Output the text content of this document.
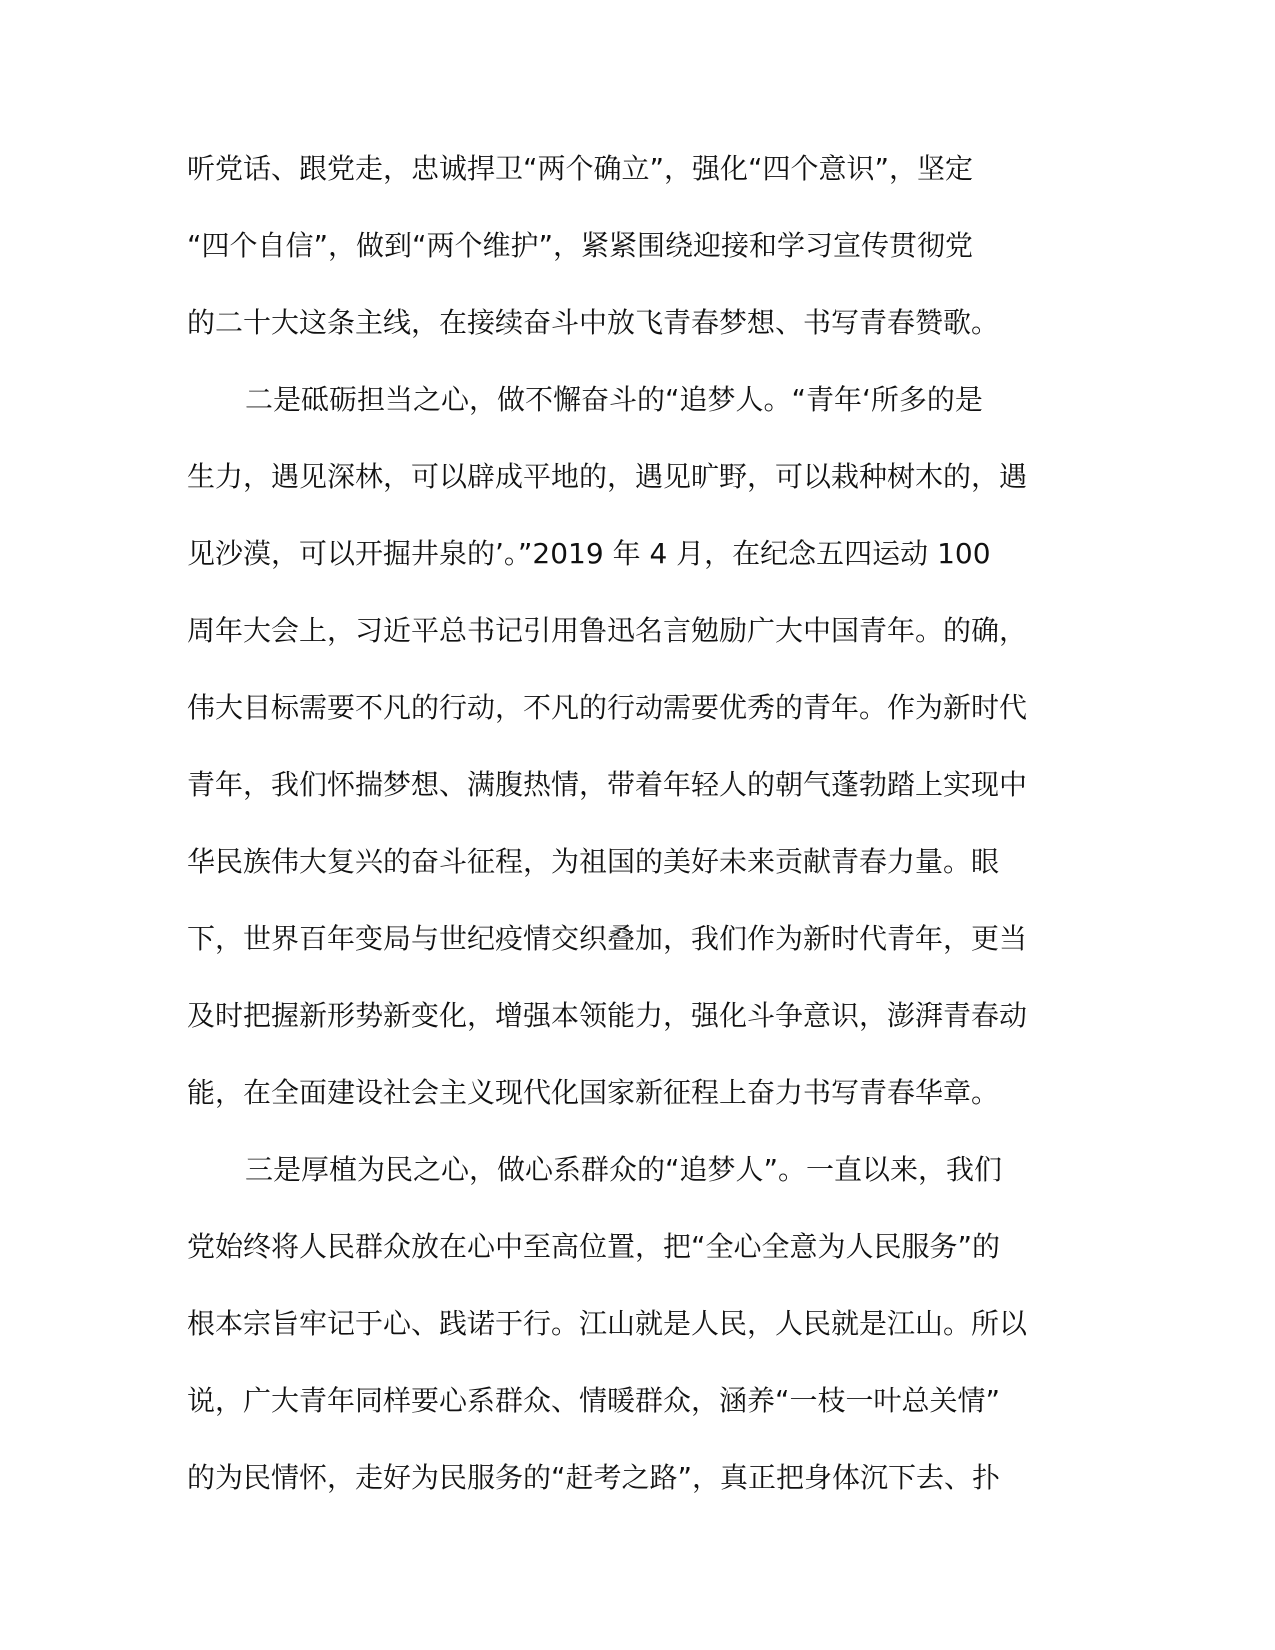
听党话、跟党走，忠诚捍卫“两个确立”，强化“四个意识”，坚定
“四个自信”，做到“两个维护”，紧紧围绕迎接和学习宣传贯彻党
的二十大这条主线，在接续奋斗中放飞青春梦想、书写青春赞歌。
二是砥砺担当之心，做不懈奋斗的“追梦人。“青年‘所多的是
生力，遇见深林，可以辟成平地的，遇见旷野，可以栽种树木的，遇
见沙漠，可以开掘井泉的’。”2019 年 4 月，在纪念五四运动 100
周年大会上，习近平总书记引用鲁迅名言勉励广大中国青年。的确，
伟大目标需要不凡的行动，不凡的行动需要优秀的青年。作为新时代
青年，我们怀揣梦想、满腹热情，带着年轻人的朝气蓬勃踏上实现中
华民族伟大复兴的奋斗征程，为祖国的美好未来贡献青春力量。眼
下，世界百年变局与世纪疫情交织叠加，我们作为新时代青年，更当
及时把握新形势新变化，增强本领能力，强化斗争意识，澎湃青春动
能，在全面建设社会主义现代化国家新征程上奋力书写青春华章。
三是厚植为民之心，做心系群众的“追梦人”。一直以来，我们
党始终将人民群众放在心中至高位置，把“全心全意为人民服务”的
根本宗旨牢记于心、践诺于行。江山就是人民，人民就是江山。所以
说，广大青年同样要心系群众、情暖群众，涵养“一枝一叶总关情”
的为民情怀，走好为民服务的“赶考之路”，真正把身体沉下去、扑
